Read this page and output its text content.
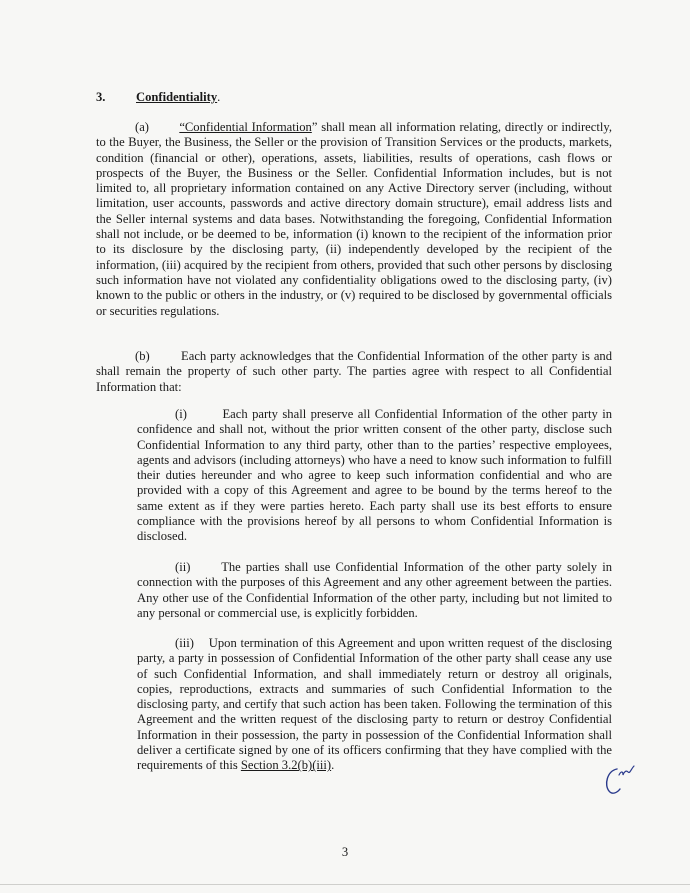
3. Confidentiality.
(a) “Confidential Information” shall mean all information relating, directly or indirectly, to the Buyer, the Business, the Seller or the provision of Transition Services or the products, markets, condition (financial or other), operations, assets, liabilities, results of operations, cash flows or prospects of the Buyer, the Business or the Seller. Confidential Information includes, but is not limited to, all proprietary information contained on any Active Directory server (including, without limitation, user accounts, passwords and active directory domain structure), email address lists and the Seller internal systems and data bases. Notwithstanding the foregoing, Confidential Information shall not include, or be deemed to be, information (i) known to the recipient of the information prior to its disclosure by the disclosing party, (ii) independently developed by the recipient of the information, (iii) acquired by the recipient from others, provided that such other persons by disclosing such information have not violated any confidentiality obligations owed to the disclosing party, (iv) known to the public or others in the industry, or (v) required to be disclosed by governmental officials or securities regulations.
(b) Each party acknowledges that the Confidential Information of the other party is and shall remain the property of such other party. The parties agree with respect to all Confidential Information that:
(i)	Each party shall preserve all Confidential Information of the other party in confidence and shall not, without the prior written consent of the other party, disclose such Confidential Information to any third party, other than to the parties’ respective employees, agents and advisors (including attorneys) who have a need to know such information to fulfill their duties hereunder and who agree to keep such information confidential and who are provided with a copy of this Agreement and agree to be bound by the terms hereof to the same extent as if they were parties hereto. Each party shall use its best efforts to ensure compliance with the provisions hereof by all persons to whom Confidential Information is disclosed.
(ii) The parties shall use Confidential Information of the other party solely in connection with the purposes of this Agreement and any other agreement between the parties. Any other use of the Confidential Information of the other party, including but not limited to any personal or commercial use, is explicitly forbidden.
(iii) Upon termination of this Agreement and upon written request of the disclosing party, a party in possession of Confidential Information of the other party shall cease any use of such Confidential Information, and shall immediately return or destroy all originals, copies, reproductions, extracts and summaries of such Confidential Information to the disclosing party, and certify that such action has been taken. Following the termination of this Agreement and the written request of the disclosing party to return or destroy Confidential Information in their possession, the party in possession of the Confidential Information shall deliver a certificate signed by one of its officers confirming that they have complied with the requirements of this Section 3.2(b)(iii).
3
